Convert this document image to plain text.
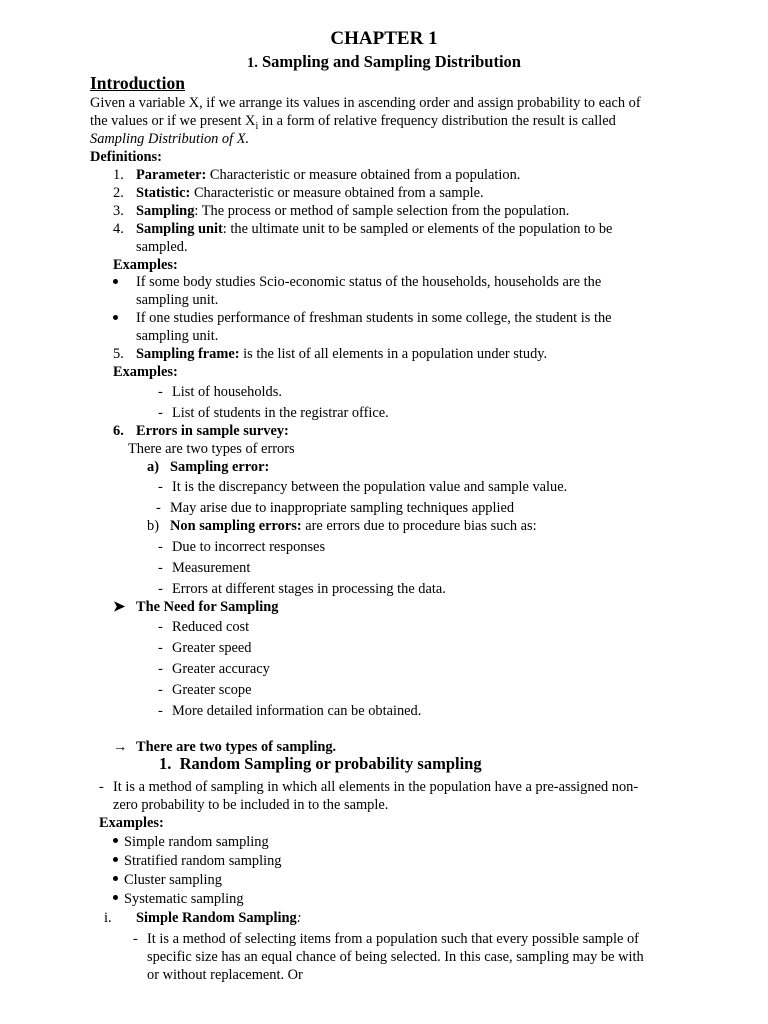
CHAPTER 1
1. Sampling and Sampling Distribution
Introduction
Given a variable X, if we arrange its values in ascending order and assign probability to each of
the values or if we present $X_i$ in a form of relative frequency distribution the result is called
Sampling Distribution of X.
Definitions:
1. Parameter: Characteristic or measure obtained from a population.
2. Statistic: Characteristic or measure obtained from a sample.
3. Sampling: The process or method of sample selection from the population.
4. Sampling unit: the ultimate unit to be sampled or elements of the population to be
sampled.
Examples:
If some body studies Scio-economic status of the households, households are the
sampling unit.
If one studies performance of freshman students in some college, the student is the
sampling unit.
5. Sampling frame: is the list of all elements in a population under study.
Examples:
- List of households.
- List of students in the registrar office.
6. Errors in sample survey:
There are two types of errors
a) Sampling error:
- It is the discrepancy between the population value and sample value.
- May arise due to inappropriate sampling techniques applied
b) Non sampling errors: are errors due to procedure bias such as:
- Due to incorrect responses
- Measurement
- Errors at different stages in processing the data.
➤ The Need for Sampling
- Reduced cost
- Greater speed
- Greater accuracy
- Greater scope
- More detailed information can be obtained.
→ There are two types of sampling.
1. Random Sampling or probability sampling
- It is a method of sampling in which all elements in the population have a pre-assigned non-
zero probability to be included in to the sample.
Examples:
Simple random sampling
Stratified random sampling
Cluster sampling
Systematic sampling
i. Simple Random Sampling:
- It is a method of selecting items from a population such that every possible sample of
specific size has an equal chance of being selected. In this case, sampling may be with
or without replacement. Or
